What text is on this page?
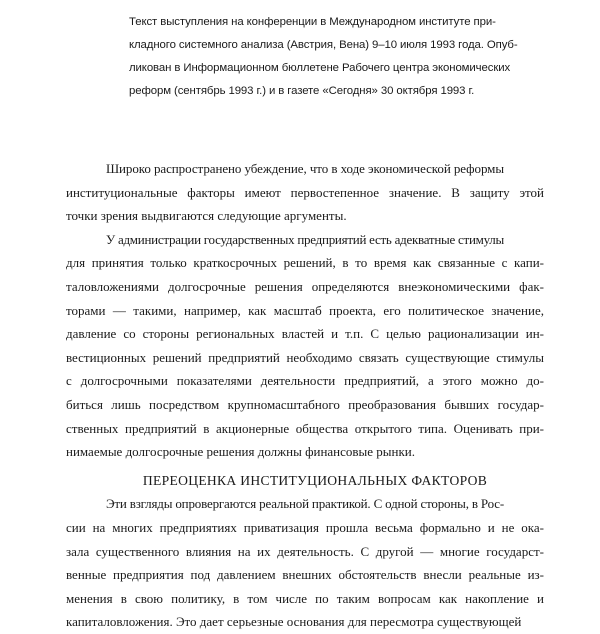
Текст выступления на конференции в Международном институте при-
кладного системного анализа (Австрия, Вена) 9–10 июля 1993 года. Опуб-
ликован в Информационном бюллетене Рабочего центра экономических
реформ (сентябрь 1993 г.) и в газете «Сегодня» 30 октября 1993 г.
Широко распространено убеждение, что в ходе экономической реформы
институциональные факторы имеют первостепенное значение. В защиту этой
точки зрения выдвигаются следующие аргументы.
У администрации государственных предприятий есть адекватные стимулы
для принятия только краткосрочных решений, в то время как связанные с капи-
таловложениями долгосрочные решения определяются внеэкономическими фак-
торами — такими, например, как масштаб проекта, его политическое значение,
давление со стороны региональных властей и т.п. С целью рационализации ин-
вестиционных решений предприятий необходимо связать существующие стимулы
с долгосрочными показателями деятельности предприятий, а этого можно до-
биться лишь посредством крупномасштабного преобразования бывших государ-
ственных предприятий в акционерные общества открытого типа. Оценивать при-
нимаемые долгосрочные решения должны финансовые рынки.
ПЕРЕОЦЕНКА ИНСТИТУЦИОНАЛЬНЫХ ФАКТОРОВ
Эти взгляды опровергаются реальной практикой. С одной стороны, в Рос-
сии на многих предприятиях приватизация прошла весьма формально и не ока-
зала существенного влияния на их деятельность. С другой — многие государст-
венные предприятия под давлением внешних обстоятельств внесли реальные из-
менения в свою политику, в том числе по таким вопросам как накопление и
капиталовложения. Это дает серьезные основания для пересмотра существующей
